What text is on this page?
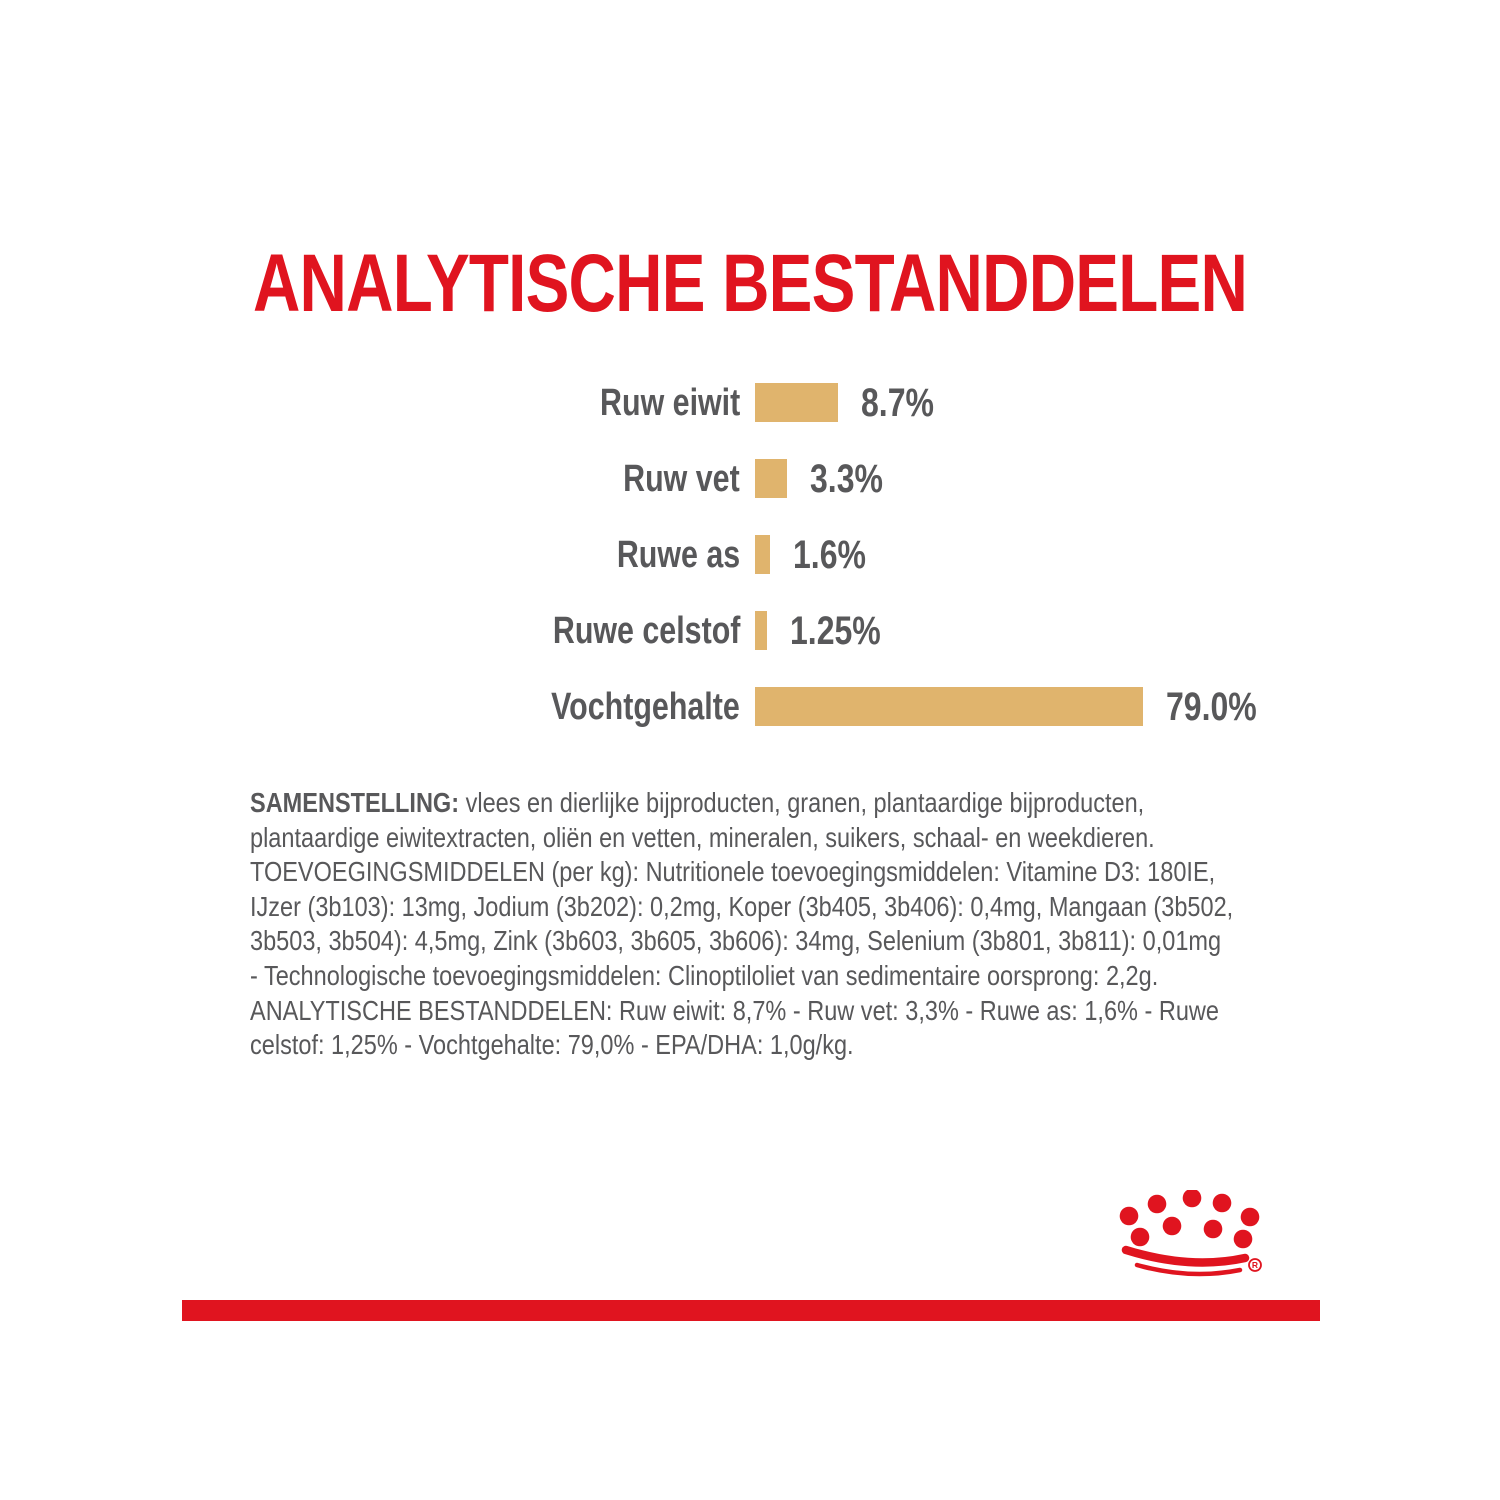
ANALYTISCHE BESTANDDELEN
Ruw eiwit	8.7%
Ruw vet 3.3%
Ruwe as 1.6%
Ruwe celstof 1.25%
Vochtgehalte	79.0%
SAMENSTELLING: vlees en dierlijke bijproducten, granen, plantaardige bijproducten,
plantaardige eiwitextracten, oliën en vetten, mineralen, suikers, schaal- en weekdieren.
TOEVOEGINGSMIDDELEN (per kg): Nutritionele toevoegingsmiddelen: Vitamine D3: 180IE,
IJzer (3b103): 13mg, Jodium (3b202): 0,2mg, Koper (3b405, 3b406): 0,4mg, Mangaan (3b502,
3b503, 3b504): 4,5mg, Zink (3b603, 3b605, 3b606): 34mg, Selenium (3b801, 3b811): 0,01mg
- Technologische toevoegingsmiddelen: Clinoptiloliet van sedimentaire oorsprong: 2,2g.
ANALYTISCHE BESTANDDELEN: Ruw eiwit: 8,7% - Ruw vet: 3,3% - Ruwe as: 1,6% - Ruwe
celstof: 1,25% - Vochtgehalte: 79,0% - EPA/DHA: 1,0g/kg.
R
